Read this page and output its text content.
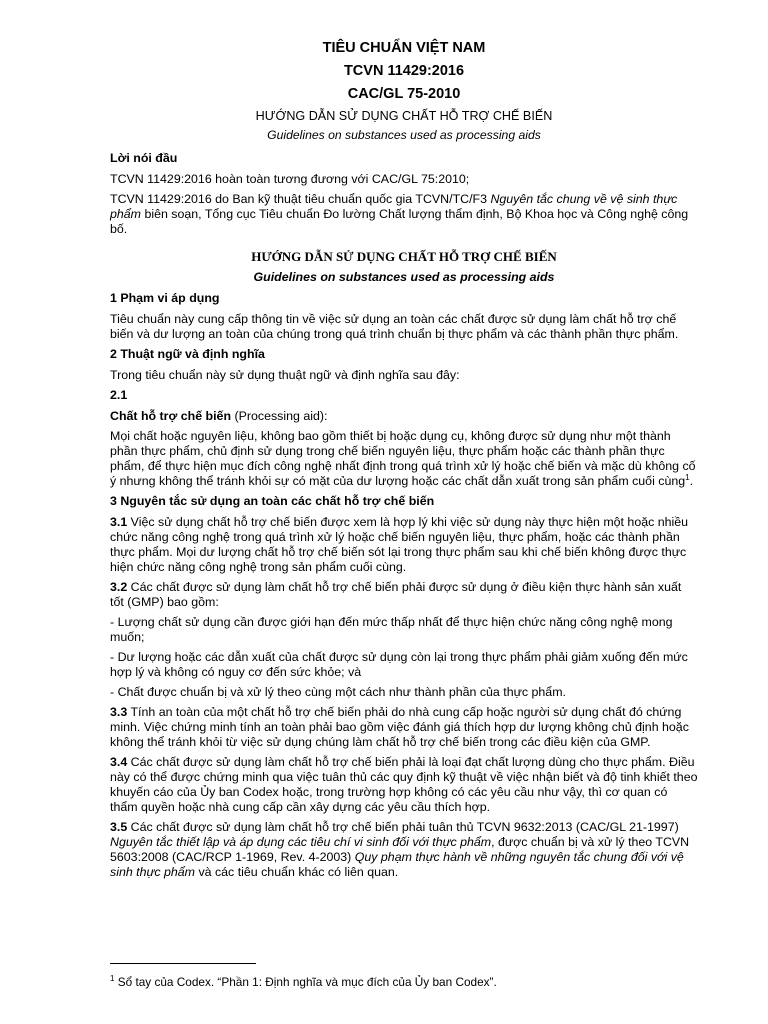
TIÊU CHUẨN VIỆT NAM
TCVN 11429:2016
CAC/GL 75-2010
HƯỚNG DẪN SỬ DỤNG CHẤT HỖ TRỢ CHẾ BIẾN
Guidelines on substances used as processing aids
Lời nói đầu

TCVN 11429:2016 hoàn toàn tương đương với CAC/GL 75:2010;

TCVN 11429:2016 do Ban kỹ thuật tiêu chuẩn quốc gia TCVN/TC/F3 Nguyên tắc chung về vệ sinh thực phẩm biên soạn, Tổng cục Tiêu chuẩn Đo lường Chất lượng thẩm định, Bộ Khoa học và Công nghệ công bố.

HƯỚNG DẪN SỬ DỤNG CHẤT HỖ TRỢ CHẾ BIẾN
Guidelines on substances used as processing aids
1 Phạm vi áp dụng

Tiêu chuẩn này cung cấp thông tin về việc sử dụng an toàn các chất được sử dụng làm chất hỗ trợ chế biến và dư lượng an toàn của chúng trong quá trình chuẩn bị thực phẩm và các thành phần thực phẩm.

2 Thuật ngữ và định nghĩa

Trong tiêu chuẩn này sử dụng thuật ngữ và định nghĩa sau đây:

2.1

Chất hỗ trợ chế biến (Processing aid):

Mọi chất hoặc nguyên liệu, không bao gồm thiết bị hoặc dụng cụ, không được sử dụng như một thành phần thực phẩm, chủ định sử dụng trong chế biến nguyên liệu, thực phẩm hoặc các thành phần thực phẩm, để thực hiện mục đích công nghệ nhất định trong quá trình xử lý hoặc chế biến và mặc dù không cố ý nhưng không thể tránh khỏi sự có mặt của dư lượng hoặc các chất dẫn xuất trong sản phẩm cuối cùng$^1$.

3 Nguyên tắc sử dụng an toàn các chất hỗ trợ chế biến

3.1 Việc sử dụng chất hỗ trợ chế biến được xem là hợp lý khi việc sử dụng này thực hiện một hoặc nhiều chức năng công nghệ trong quá trình xử lý hoặc chế biến nguyên liệu, thực phẩm, hoặc các thành phần thực phẩm. Mọi dư lượng chất hỗ trợ chế biến sót lại trong thực phẩm sau khi chế biến không được thực hiện chức năng công nghệ trong sản phẩm cuối cùng.

3.2 Các chất được sử dụng làm chất hỗ trợ chế biến phải được sử dụng ở điều kiện thực hành sản xuất tốt (GMP) bao gồm:

- Lượng chất sử dụng cần được giới hạn đến mức thấp nhất để thực hiện chức năng công nghệ mong muốn;

- Dư lượng hoặc các dẫn xuất của chất được sử dụng còn lại trong thực phẩm phải giảm xuống đến mức hợp lý và không có nguy cơ đến sức khỏe; và

- Chất được chuẩn bị và xử lý theo cùng một cách như thành phần của thực phẩm.

3.3 Tính an toàn của một chất hỗ trợ chế biến phải do nhà cung cấp hoặc người sử dụng chất đó chứng minh. Việc chứng minh tính an toàn phải bao gồm việc đánh giá thích hợp dư lượng không chủ định hoặc không thể tránh khỏi từ việc sử dụng chúng làm chất hỗ trợ chế biến trong các điều kiện của GMP.

3.4 Các chất được sử dụng làm chất hỗ trợ chế biến phải là loại đạt chất lượng dùng cho thực phẩm. Điều này có thể được chứng minh qua việc tuân thủ các quy định kỹ thuật về việc nhận biết và độ tinh khiết theo khuyến cáo của Ủy ban Codex hoặc, trong trường hợp không có các yêu cầu như vậy, thì cơ quan có thẩm quyền hoặc nhà cung cấp cần xây dựng các yêu cầu thích hợp.

3.5 Các chất được sử dụng làm chất hỗ trợ chế biến phải tuân thủ TCVN 9632:2013 (CAC/GL 21-1997) Nguyên tắc thiết lập và áp dụng các tiêu chí vi sinh đối với thực phẩm, được chuẩn bị và xử lý theo TCVN 5603:2008 (CAC/RCP 1-1969, Rev. 4-2003) Quy phạm thực hành về những nguyên tắc chung đối với vệ sinh thực phẩm và các tiêu chuẩn khác có liên quan.

$^1$ Sổ tay của Codex. “Phần 1: Định nghĩa và mục đích của Ủy ban Codex”.
